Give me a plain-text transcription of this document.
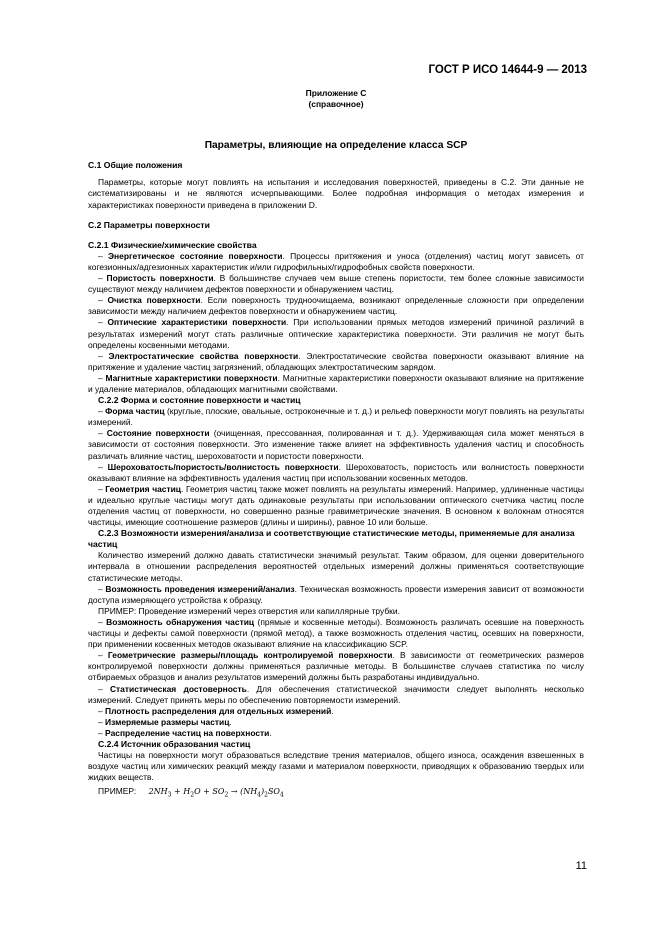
ГОСТ Р ИСО 14644-9 — 2013
Приложение С
(справочное)
Параметры, влияющие на определение класса SCP
С.1 Общие положения

Параметры, которые могут повлиять на испытания и исследования поверхностей, приведены в С.2. Эти данные не систематизированы и не являются исчерпывающими. Более подробная информация о методах измерения и характеристиках поверхности приведена в приложении D.

С.2 Параметры поверхности
С.2.1 Физические/химические свойства

– Энергетическое состояние поверхности. Процессы притяжения и уноса (отделения) частиц могут зависеть от когезионных/адгезионных характеристик и/или гидрофильных/гидрофобных свойств поверхности.

– Пористость поверхности. В большинстве случаев чем выше степень пористости, тем более сложные зависимости существуют между наличием дефектов поверхности и обнаружением частиц.

– Очистка поверхности. Если поверхность трудноочищаема, возникают определенные сложности при определении зависимости между наличием дефектов поверхности и обнаружением частиц.

– Оптические характеристики поверхности. При использовании прямых методов измерений причиной различий в результатах измерений могут стать различные оптические характеристика поверхности. Эти различия не могут быть определены косвенными методами.

– Электростатические свойства поверхности. Электростатические свойства поверхности оказывают влияние на притяжение и удаление частиц загрязнений, обладающих электростатическим зарядом.

– Магнитные характеристики поверхности. Магнитные характеристики поверхности оказывают влияние на притяжение и удаление материалов, обладающих магнитными свойствами.

С.2.2 Форма и состояние поверхности и частиц

– Форма частиц (круглые, плоские, овальные, остроконечные и т. д.) и рельеф поверхности могут повлиять на результаты измерений.

– Состояние поверхности (очищенная, прессованная, полированная и т. д.). Удерживающая сила может меняться в зависимости от состояния поверхности. Это изменение также влияет на эффективность удаления частиц и способность различать влияние частиц, шероховатости и пористости поверхности.

– Шероховатость/пористость/волнистость поверхности. Шероховатость, пористость или волнистость поверхности оказывают влияние на эффективность удаления частиц при использовании косвенных методов.

– Геометрия частиц. Геометрия частиц также может повлиять на результаты измерений. Например, удлиненные частицы и идеально круглые частицы могут дать одинаковые результаты при использовании оптического счетчика частиц после отделения частиц от поверхности, но совершенно разные гравиметрические значения. В основном к волокнам относятся частицы, имеющие соотношение размеров (длины и ширины), равное 10 или больше.

С.2.3 Возможности измерения/анализа и соответствующие статистические методы, применяемые для анализа частиц

Количество измерений должно давать статистически значимый результат. Таким образом, для оценки доверительного интервала в отношении распределения вероятностей отдельных измерений должны применяться соответствующие статистические методы.

– Возможность проведения измерений/анализ. Техническая возможность провести измерения зависит от возможности доступа измеряющего устройства к образцу.

ПРИМЕР: Проведение измерений через отверстия или капиллярные трубки.

– Возможность обнаружения частиц (прямые и косвенные методы). Возможность различать осевшие на поверхность частицы и дефекты самой поверхности (прямой метод), а также возможность отделения частиц, осевших на поверхности, при применении косвенных методов оказывают влияние на классификацию SCP.

– Геометрические размеры/площадь контролируемой поверхности. В зависимости от геометрических размеров контролируемой поверхности должны применяться различные методы. В большинстве случаев статистика по числу отбираемых образцов и анализ результатов измерений должны быть разработаны индивидуально.

– Статистическая достоверность. Для обеспечения статистической значимости следует выполнять несколько измерений. Следует принять меры по обеспечению повторяемости измерений.

– Плотность распределения для отдельных измерений.

– Измеряемые размеры частиц.

– Распределение частиц на поверхности.

С.2.4 Источник образования частиц

Частицы на поверхности могут образоваться вследствие трения материалов, общего износа, осаждения взвешенных в воздухе частиц или химических реакций между газами и материалом поверхности, приводящих к образованию твердых или жидких веществ.

ПРИМЕР: $2NH_3 + H_2O + SO_2 \to (NH_4)_2SO_4$

11
